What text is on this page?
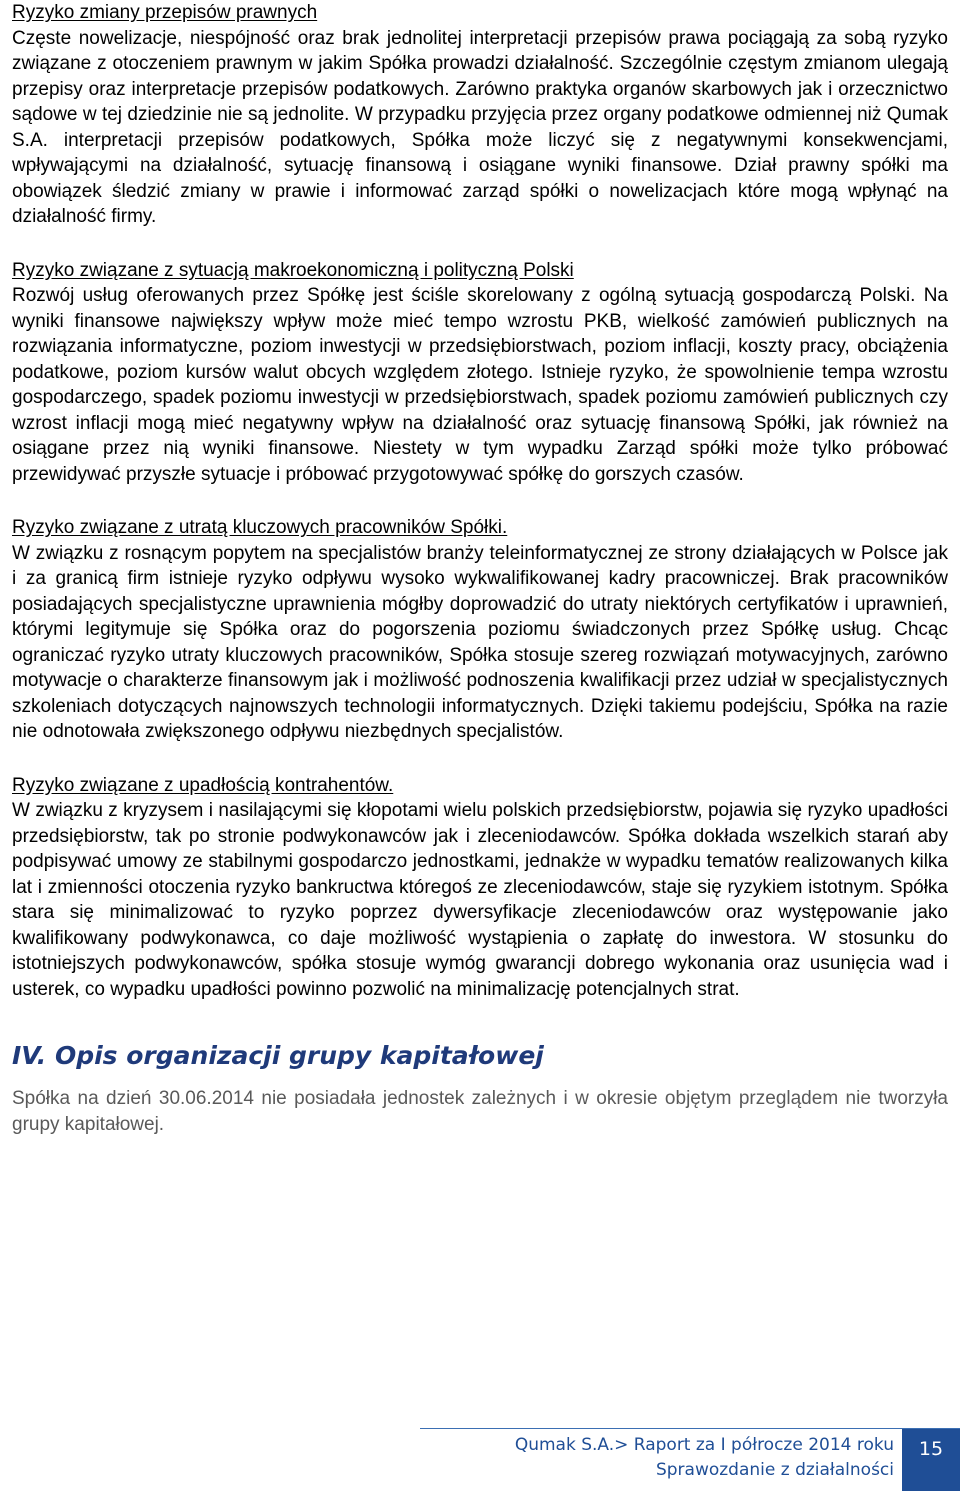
Ryzyko zmiany przepisów prawnych

Częste nowelizacje, niespójność oraz brak jednolitej interpretacji przepisów prawa pociągają za sobą ryzyko związane z otoczeniem prawnym w jakim Spółka prowadzi działalność. Szczególnie częstym zmianom ulegają przepisy oraz interpretacje przepisów podatkowych. Zarówno praktyka organów skarbowych jak i orzecznictwo sądowe w tej dziedzinie nie są jednolite. W przypadku przyjęcia przez organy podatkowe odmiennej niż Qumak S.A. interpretacji przepisów podatkowych, Spółka może liczyć się z negatywnymi konsekwencjami, wpływającymi na działalność, sytuację finansową i osiągane wyniki finansowe. Dział prawny spółki ma obowiązek śledzić zmiany w prawie i informować zarząd spółki o nowelizacjach które mogą wpłynąć na działalność firmy.

Ryzyko związane z sytuacją makroekonomiczną i polityczną Polski

Rozwój usług oferowanych przez Spółkę jest ściśle skorelowany z ogólną sytuacją gospodarczą Polski. Na wyniki finansowe największy wpływ może mieć tempo wzrostu PKB, wielkość zamówień publicznych na rozwiązania informatyczne, poziom inwestycji w przedsiębiorstwach, poziom inflacji, koszty pracy, obciążenia podatkowe, poziom kursów walut obcych względem złotego. Istnieje ryzyko, że spowolnienie tempa wzrostu gospodarczego, spadek poziomu inwestycji w przedsiębiorstwach, spadek poziomu zamówień publicznych czy wzrost inflacji mogą mieć negatywny wpływ na działalność oraz sytuację finansową Spółki, jak również na osiągane przez nią wyniki finansowe. Niestety w tym wypadku Zarząd spółki może tylko próbować przewidywać przyszłe sytuacje i próbować przygotowywać spółkę do gorszych czasów.

Ryzyko związane z utratą kluczowych pracowników Spółki.

W związku z rosnącym popytem na specjalistów branży teleinformatycznej ze strony działających w Polsce jak i za granicą firm istnieje ryzyko odpływu wysoko wykwalifikowanej kadry pracowniczej. Brak pracowników posiadających specjalistyczne uprawnienia mógłby doprowadzić do utraty niektórych certyfikatów i uprawnień, którymi legitymuje się Spółka oraz do pogorszenia poziomu świadczonych przez Spółkę usług. Chcąc ograniczać ryzyko utraty kluczowych pracowników, Spółka stosuje szereg rozwiązań motywacyjnych, zarówno motywacje o charakterze finansowym jak i możliwość podnoszenia kwalifikacji przez udział w specjalistycznych szkoleniach dotyczących najnowszych technologii informatycznych. Dzięki takiemu podejściu, Spółka na razie nie odnotowała zwiększonego odpływu niezbędnych specjalistów.

Ryzyko związane z upadłością kontrahentów.

W związku z kryzysem i nasilającymi się kłopotami wielu polskich przedsiębiorstw, pojawia się ryzyko upadłości przedsiębiorstw, tak po stronie podwykonawców jak i zleceniodawców. Spółka dokłada wszelkich starań aby podpisywać umowy ze stabilnymi gospodarczo jednostkami, jednakże w wypadku tematów realizowanych kilka lat i zmienności otoczenia ryzyko bankructwa któregoś ze zleceniodawców, staje się ryzykiem istotnym. Spółka stara się minimalizować to ryzyko poprzez dywersyfikacje zleceniodawców oraz występowanie jako kwalifikowany podwykonawca, co daje możliwość wystąpienia o zapłatę do inwestora. W stosunku do istotniejszych podwykonawców, spółka stosuje wymóg gwarancji dobrego wykonania oraz usunięcia wad i usterek, co wypadku upadłości powinno pozwolić na minimalizację potencjalnych strat.

IV. Opis organizacji grupy kapitałowej

Spółka na dzień 30.06.2014 nie posiadała jednostek zależnych i w okresie objętym przeglądem nie tworzyła grupy kapitałowej.

Qumak S.A.> Raport za I półrocze 2014 roku
Sprawozdanie z działalności
15
